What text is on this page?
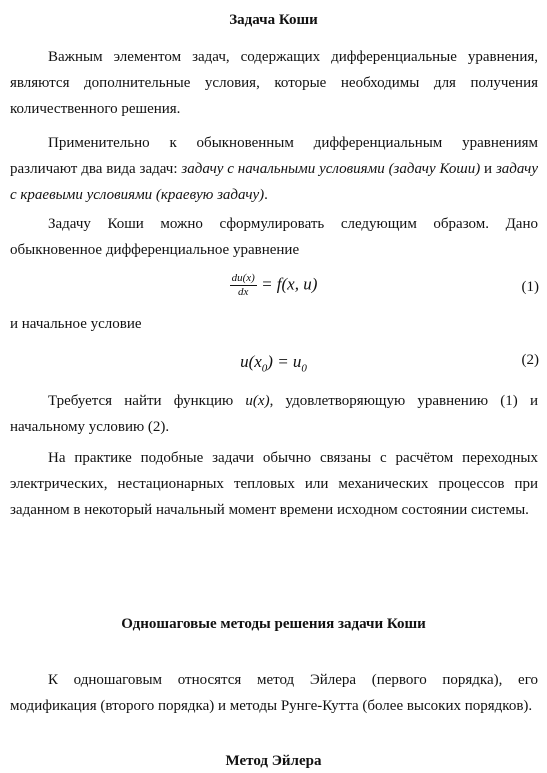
Задача Коши

Важным элементом задач, содержащих дифференциальные уравнения, являются дополнительные условия, которые необходимы для получения количественного решения.

Применительно к обыкновенным дифференциальным уравнениям различают два вида задач: задачу с начальными условиями (задачу Коши) и задачу с краевыми условиями (краевую задачу).

Задачу Коши можно сформулировать следующим образом. Дано обыкновенное дифференциальное уравнение

$\frac{du(x)}{dx} = f(x$, u)	(1)

и начальное условие

$u(x_0) = u_0$
(2)

Требуется найти функцию u(x), удовлетворяющую уравнению (1) и начальному условию (2).

На практике подобные задачи обычно связаны с расчётом переходных электрических, нестационарных тепловых или механических процессов при заданном в некоторый начальный момент времени исходном состоянии системы.

Одношаговые методы решения задачи Коши

К одношаговым относятся метод Эйлера (первого порядка), его модификация (второго порядка) и методы Рунге-Кутта (более высоких порядков).

Метод Эйлера
